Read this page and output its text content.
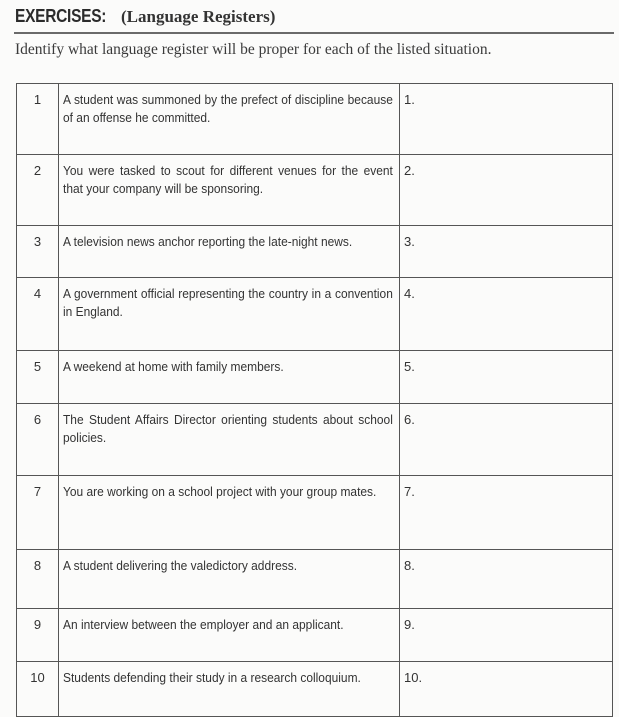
EXERCISES: (Language Registers)
Identify what language register will be proper for each of the listed situation.
1	A student was summoned by the prefect of discipline because of an offense he committed.	1.
2	You were tasked to scout for different venues for the event that your company will be sponsoring.	2.
3	A television news anchor reporting the late-night news.	3.
4	A government official representing the country in a convention in England.	4.
5	A weekend at home with family members.	5.
6	The Student Affairs Director orienting students about school policies.	6.
7	You are working on a school project with your group mates.	7.
8	A student delivering the valedictory address.	8.
9	An interview between the employer and an applicant.	9.
10	Students defending their study in a research colloquium.	10.
